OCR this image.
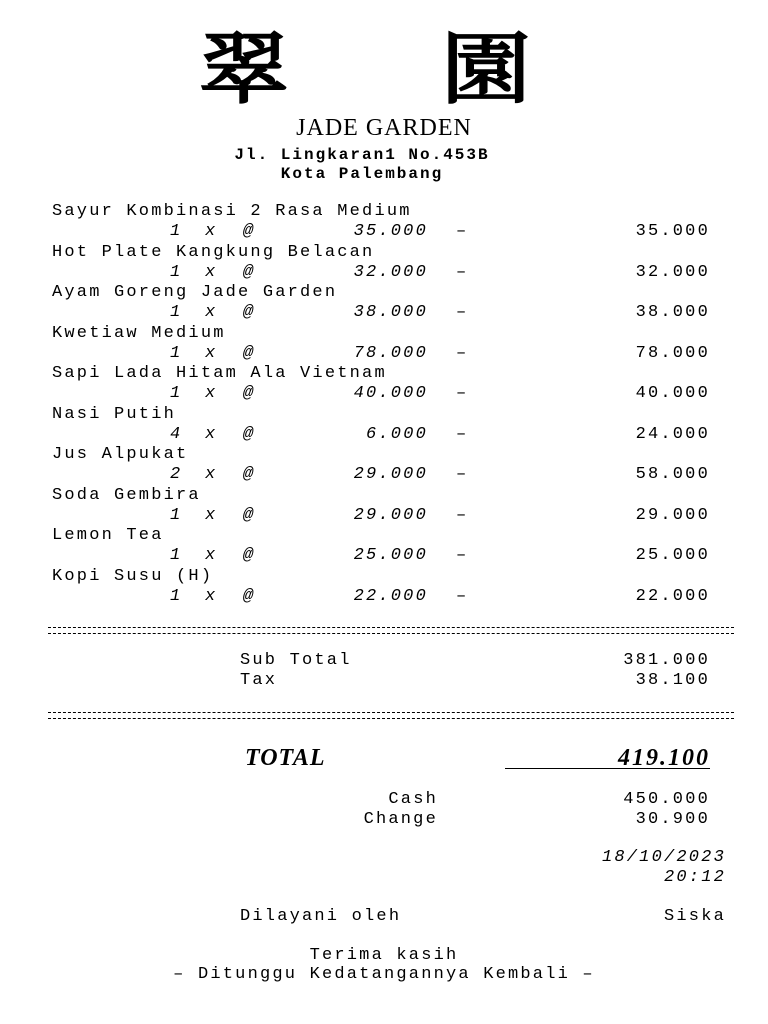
翠 園
JADE GARDEN
Jl. Lingkaran1 No.453B
Kota Palembang
Sayur Kombinasi 2 Rasa Medium
1 x @	35.000 –	35.000
Hot Plate Kangkung Belacan
1 x @	32.000 –	32.000
Ayam Goreng Jade Garden
1 x @	38.000 –	38.000
Kwetiaw Medium
1 x @	78.000 –	78.000
Sapi Lada Hitam Ala Vietnam
1 x @	40.000 –	40.000
Nasi Putih
4 x @	6.000 –	24.000
Jus Alpukat
2 x @	29.000 –	58.000
Soda Gembira
1 x @	29.000 –	29.000
Lemon Tea
1 x @	25.000 –	25.000
Kopi Susu (H)
1 x @	22.000 –	22.000
Sub Total	381.000
Tax	38.100
TOTAL	419.100
Cash	450.000
Change	30.900
18/10/2023
20:12
Dilayani oleh	Siska
Terima kasih
– Ditunggu Kedatangannya Kembali –
